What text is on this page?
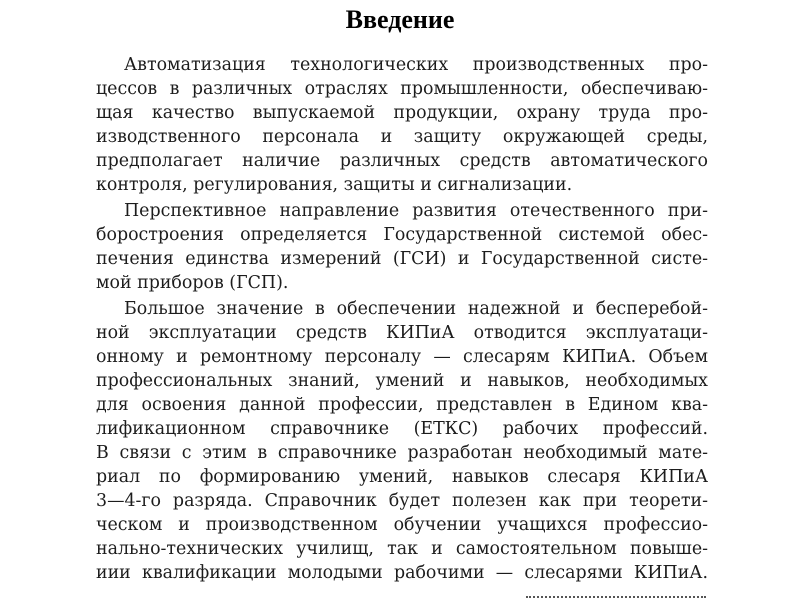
Введение
Автоматизация технологических производственных про-
цессов в различных отраслях промышленности, обеспечиваю-
щая качество выпускаемой продукции, охрану труда про-
изводственного персонала и защиту окружающей среды,
предполагает наличие различных средств автоматического
контроля, регулирования, защиты и сигнализации.
Перспективное направление развития отечественного при-
боростроения определяется Государственной системой обес-
печения единства измерений (ГСИ) и Государственной систе-
мой приборов (ГСП).
Большое значение в обеспечении надежной и бесперебой-
ной эксплуатации средств КИПиА отводится эксплуатаци-
онному и ремонтному персоналу — слесарям КИПиА. Объем
профессиональных знаний, умений и навыков, необходимых
для освоения данной профессии, представлен в Едином ква-
лификационном справочнике (ЕТКС) рабочих профессий.
В связи с этим в справочнике разработан необходимый мате-
риал по формированию умений, навыков слесаря КИПиА
3—4-го разряда. Справочник будет полезен как при теорети-
ческом и производственном обучении учащихся профессио-
нально-технических училищ, так и самостоятельном повыше-
иии квалификации молодыми рабочими — слесарями КИПиА.
